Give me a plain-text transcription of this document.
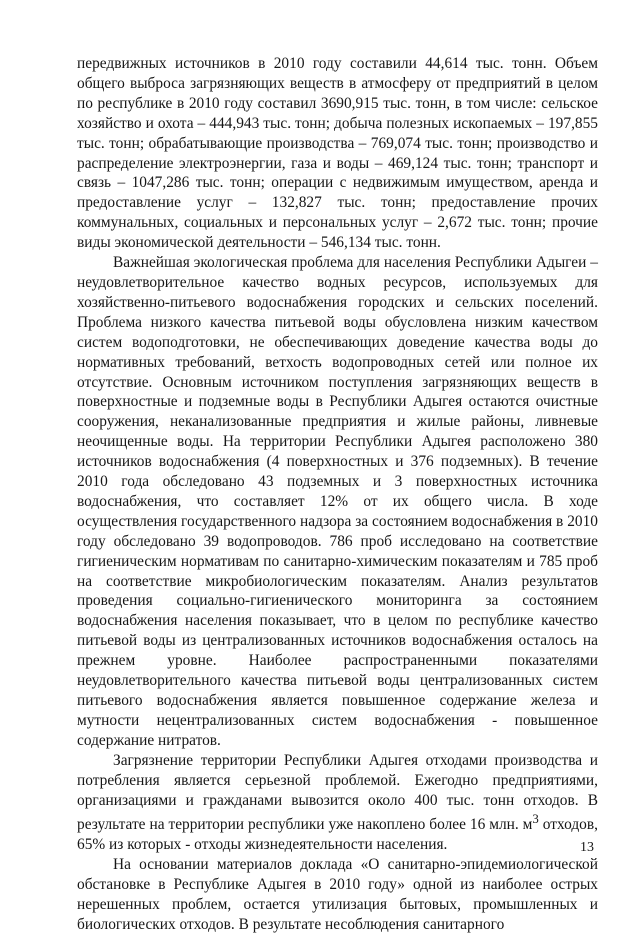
передвижных источников в 2010 году составили 44,614 тыс. тонн. Объем общего выброса загрязняющих веществ в атмосферу от предприятий в целом по республике в 2010 году составил 3690,915 тыс. тонн, в том числе: сельское хозяйство и охота – 444,943 тыс. тонн; добыча полезных ископаемых – 197,855 тыс. тонн; обрабатывающие производства – 769,074 тыс. тонн; производство и распределение электроэнергии, газа и воды – 469,124 тыс. тонн; транспорт и связь – 1047,286 тыс. тонн; операции с недвижимым имуществом, аренда и предоставление услуг – 132,827 тыс. тонн; предоставление прочих коммунальных, социальных и персональных услуг – 2,672 тыс. тонн; прочие виды экономической деятельности – 546,134 тыс. тонн.

Важнейшая экологическая проблема для населения Республики Адыгеи – неудовлетворительное качество водных ресурсов, используемых для хозяйственно-питьевого водоснабжения городских и сельских поселений. Проблема низкого качества питьевой воды обусловлена низким качеством систем водоподготовки, не обеспечивающих доведение качества воды до нормативных требований, ветхость водопроводных сетей или полное их отсутствие. Основным источником поступления загрязняющих веществ в поверхностные и подземные воды в Республики Адыгея остаются очистные сооружения, неканализованные предприятия и жилые районы, ливневые неочищенные воды. На территории Республики Адыгея расположено 380 источников водоснабжения (4 поверхностных и 376 подземных). В течение 2010 года обследовано 43 подземных и 3 поверхностных источника водоснабжения, что составляет 12% от их общего числа. В ходе осуществления государственного надзора за состоянием водоснабжения в 2010 году обследовано 39 водопроводов. 786 проб исследовано на соответствие гигиеническим нормативам по санитарно-химическим показателям и 785 проб на соответствие микробиологическим показателям. Анализ результатов проведения социально-гигиенического мониторинга за состоянием водоснабжения населения показывает, что в целом по республике качество питьевой воды из централизованных источников водоснабжения осталось на прежнем уровне. Наиболее распространенными показателями неудовлетворительного качества питьевой воды централизованных систем питьевого водоснабжения является повышенное содержание железа и мутности нецентрализованных систем водоснабжения - повышенное содержание нитратов.

Загрязнение территории Республики Адыгея отходами производства и потребления является серьезной проблемой. Ежегодно предприятиями, организациями и гражданами вывозится около 400 тыс. тонн отходов. В результате на территории республики уже накоплено более 16 млн. $м^3$ отходов, 65% из которых - отходы жизнедеятельности населения.

На основании материалов доклада «О санитарно-эпидемиологической обстановке в Республике Адыгея в 2010 году» одной из наиболее острых нерешенных проблем, остается утилизация бытовых, промышленных и биологических отходов. В результате несоблюдения санитарного

13
